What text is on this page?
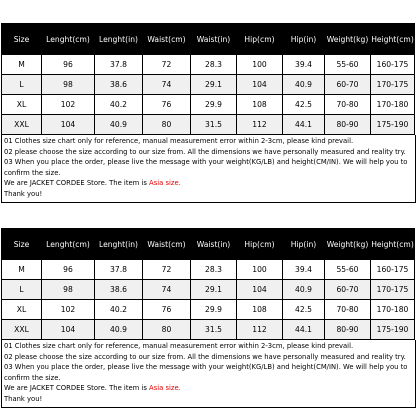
Size	Lenght(cm)	Lenght(in)	Waist(cm)	Waist(in)	Hip(cm)	Hip(in)	Weight(kg)	Height(cm)
M	96	37.8	72	28.3	100	39.4	55-60	160-175
L	98	38.6	74	29.1	104	40.9	60-70	170-175
XL	102	40.2	76	29.9	108	42.5	70-80	170-180
XXL	104	40.9	80	31.5	112	44.1	80-90	175-190
01 Clothes size chart only for reference, manual measurement error within 2-3cm, please kind prevail.
02 please choose the size according to our size from. All the dimensions we have personally measured and reality try.
03 When you place the order, please live the message with your weight(KG/LB) and height(CM/IN). We will help you to
confirm the size.
We are JACKET CORDEE Store. The item is Asia size.
Thank you!
Size	Lenght(cm)	Lenght(in)	Waist(cm)	Waist(in)	Hip(cm)	Hip(in)	Weight(kg)	Height(cm)
M	96	37.8	72	28.3	100	39.4	55-60	160-175
L	98	38.6	74	29.1	104	40.9	60-70	170-175
XL	102	40.2	76	29.9	108	42.5	70-80	170-180
XXL	104	40.9	80	31.5	112	44.1	80-90	175-190
01 Clothes size chart only for reference, manual measurement error within 2-3cm, please kind prevail.
02 please choose the size according to our size from. All the dimensions we have personally measured and reality try.
03 When you place the order, please live the message with your weight(KG/LB) and height(CM/IN). We will help you to
confirm the size.
We are JACKET CORDEE Store. The item is Asia size.
Thank you!
